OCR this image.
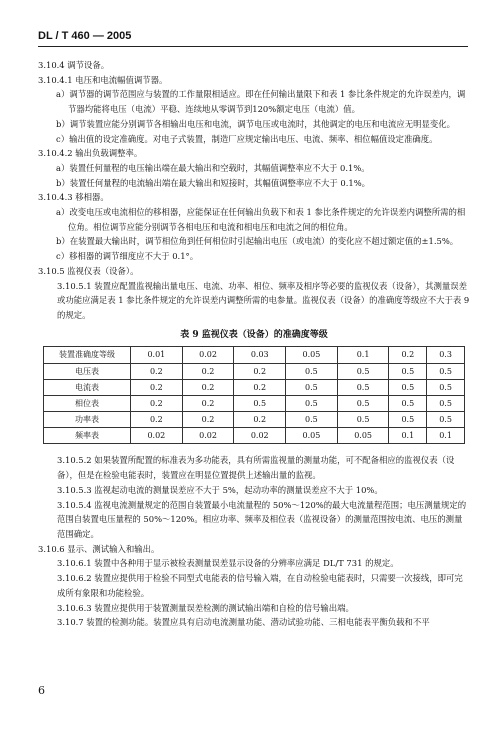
DL / T 460 — 2005
3.10.4 调节设备。
3.10.4.1 电压和电流幅值调节器。
a）调节器的调节范围应与装置的工作量限相适应。即在任何输出量限下和表 1 参比条件规定的允许误差内，调节器均能将电压（电流）平稳、连续地从零调节到120%额定电压（电流）值。
b）调节装置应能分别调节各相输出电压和电流，调节电压或电流时，其他调定的电压和电流应无明显变化。
c）输出值的设定准确度。对电子式装置，制造厂应规定输出电压、电流、频率、相位幅值设定准确度。
3.10.4.2 输出负载调整率。
a）装置任何量程的电压输出端在最大输出和空载时，其幅值调整率应不大于 0.1%。
b）装置任何量程的电流输出端在最大输出和短接时，其幅值调整率应不大于 0.1%。
3.10.4.3 移相器。
a）改变电压或电流相位的移相器，应能保证在任何输出负载下和表 1 参比条件规定的允许误差内调整所需的相位角。相位调节应能分别调节各相电压和电流和相电压和电流之间的相位角。
b）在装置最大输出时，调节相位角到任何相位时引起输出电压（或电流）的变化应不超过额定值的±1.5%。
c）移相器的调节细度应不大于 0.1°。
3.10.5 监视仪表（设备）。
3.10.5.1 装置应配置监视输出量电压、电流、功率、相位、频率及相序等必要的监视仪表（设备），其测量误差或功能应满足表 1 参比条件规定的允许误差内调整所需的电参量。监视仪表（设备）的准确度等级应不大于表 9 的规定。
表 9 监视仪表（设备）的准确度等级
装置准确度等级	0.01	0.02	0.03	0.05	0.1	0.2	0.3
电压表	0.2	0.2	0.2	0.5	0.5	0.5	0.5
电流表	0.2	0.2	0.2	0.5	0.5	0.5	0.5
相位表	0.2	0.2	0.5	0.5	0.5	0.5	0.5
功率表	0.2	0.2	0.2	0.5	0.5	0.5	0.5
频率表	0.02	0.02	0.02	0.05	0.05	0.1	0.1
3.10.5.2 如果装置所配置的标准表为多功能表，具有所需监视量的测量功能，可不配备相应的监视仪表（设备），但是在检验电能表时，装置应在明显位置提供上述输出量的监视。
3.10.5.3 监视起动电流的测量误差应不大于 5%，起动功率的测量误差应不大于 10%。
3.10.5.4 监视电流测量规定的范围自装置最小电流量程的 50%～120%的最大电流量程范围；电压测量规定的范围自装置电压量程的 50%～120%。相应功率、频率及相位表（监视设备）的测量范围按电流、电压的测量范围确定。
3.10.6 显示、测试输入和输出。
3.10.6.1 装置中各种用于显示被检表测量误差显示设备的分辨率应满足 DL/T 731 的规定。
3.10.6.2 装置应提供用于检验不同型式电能表的信号输入端，在自动检验电能表时，只需要一次接线，即可完成所有象限和功能检验。
3.10.6.3 装置应提供用于装置测量误差检测的测试输出端和自检的信号输出端。
3.10.7 装置的检测功能。装置应具有启动电流测量功能、潜动试验功能、三相电能表平衡负载和不平
6
